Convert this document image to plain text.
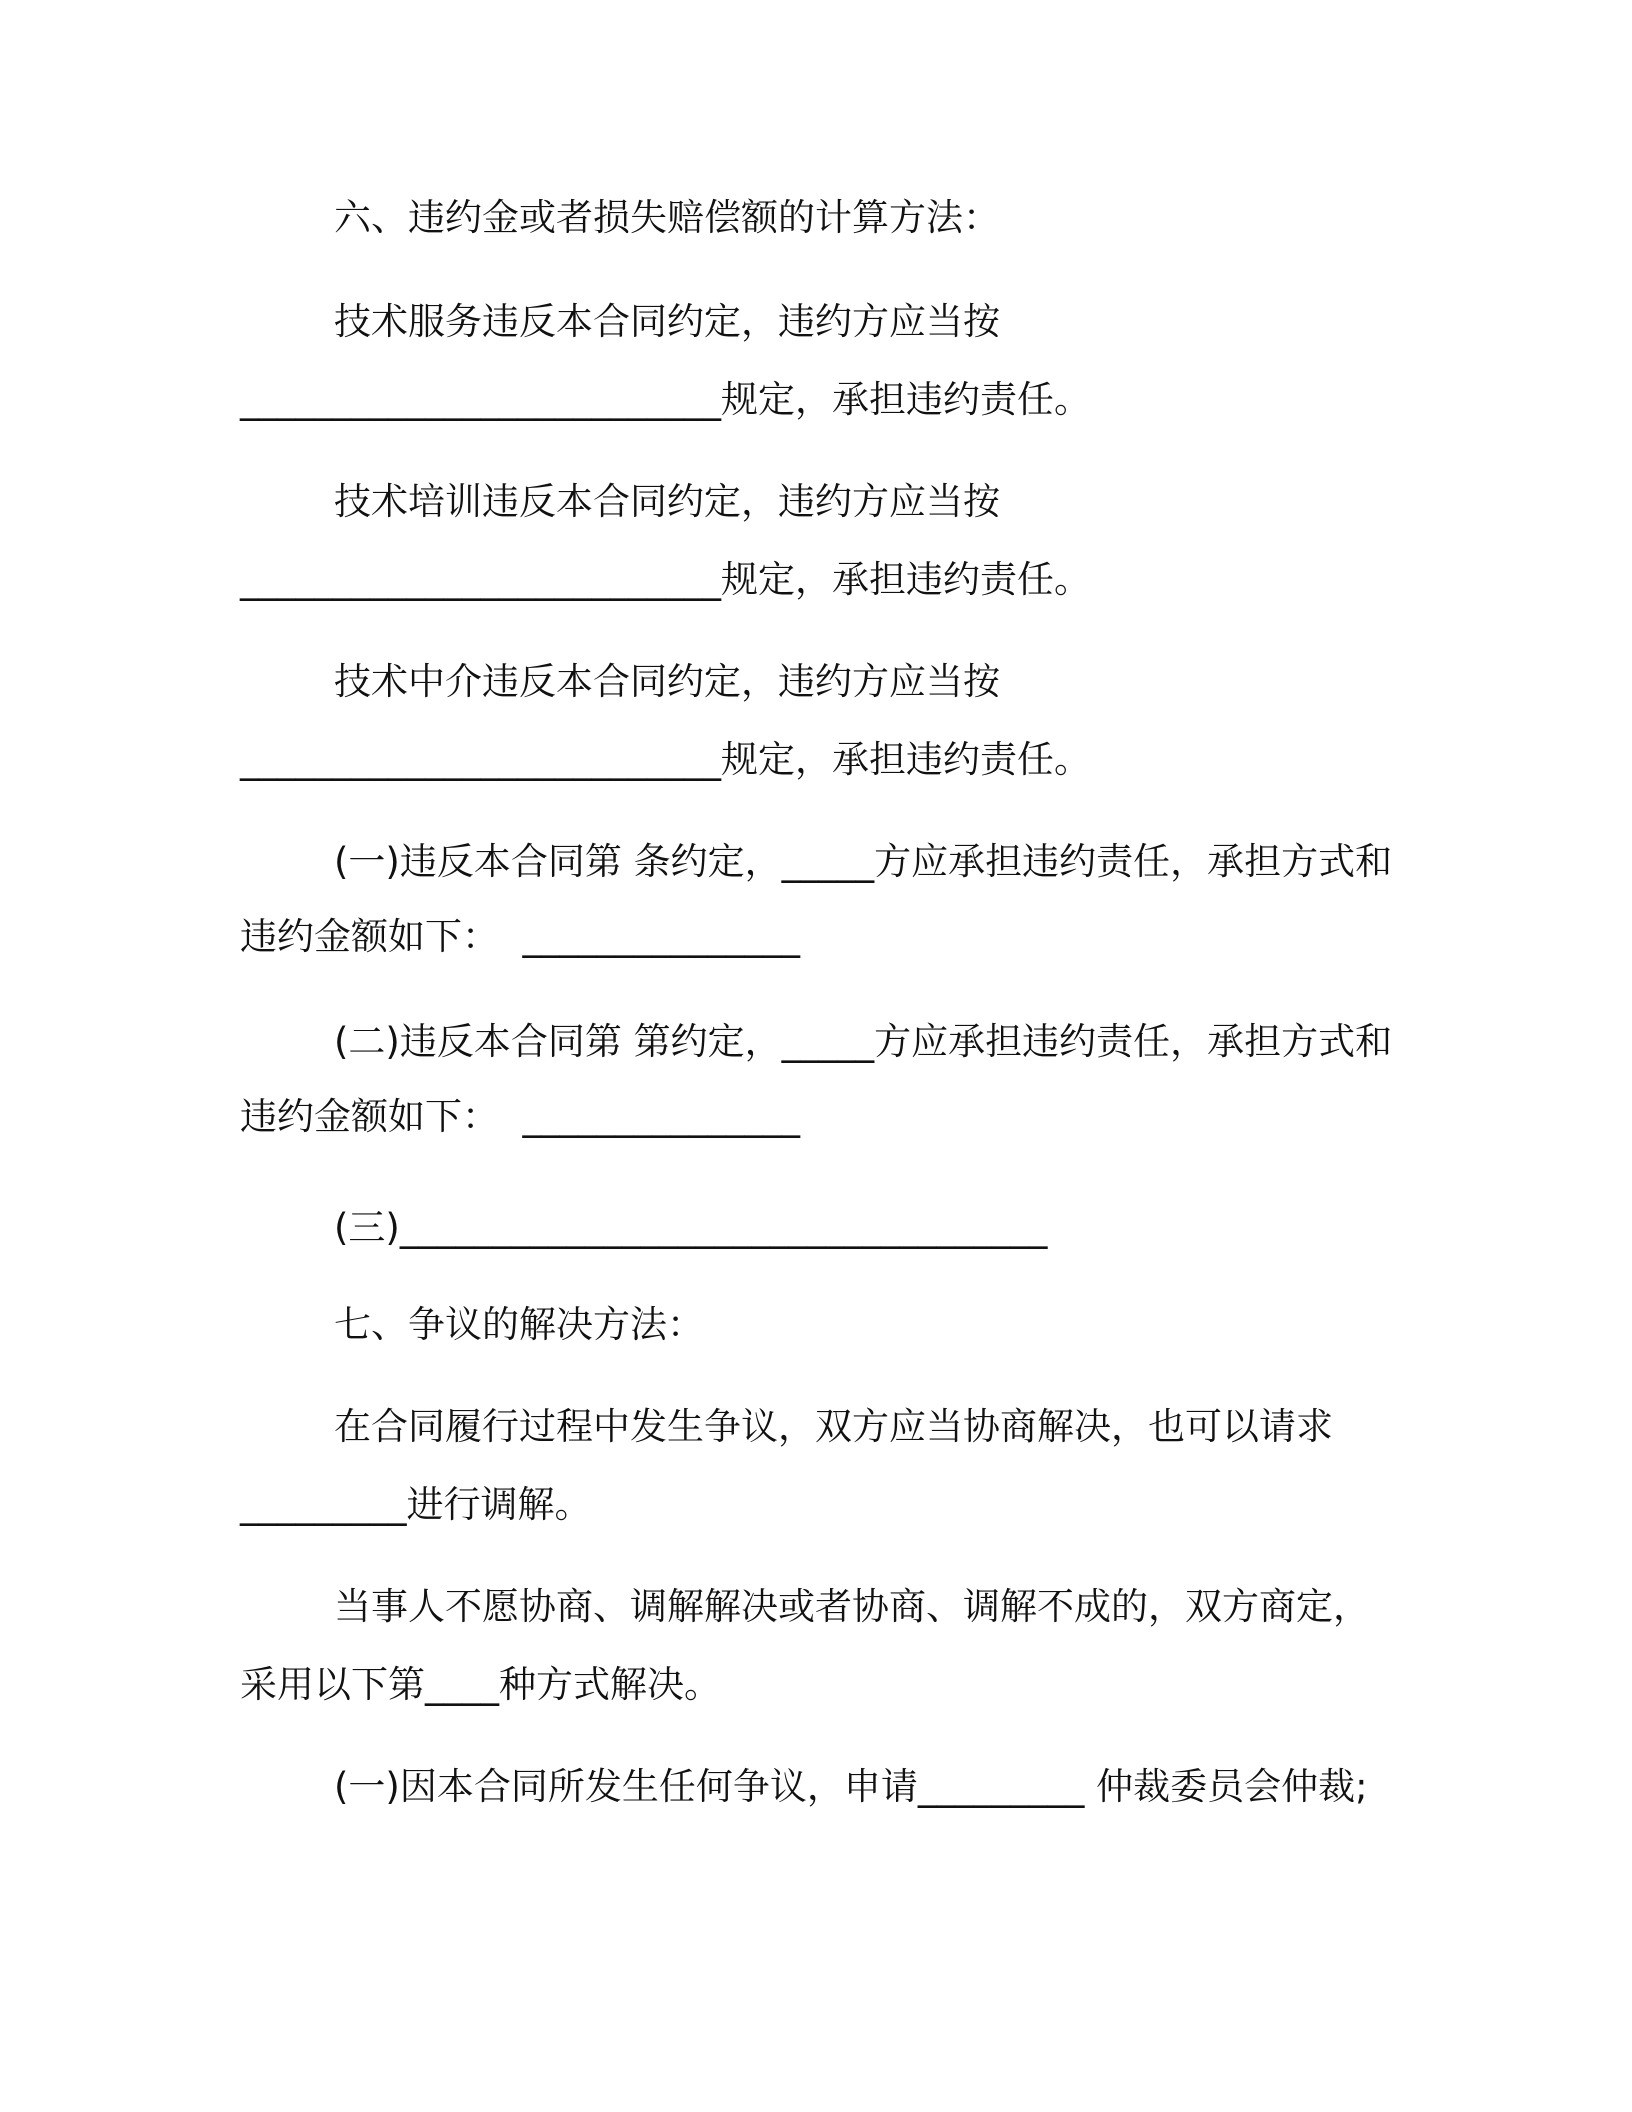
六、违约金或者损失赔偿额的计算方法：
技术服务违反本合同约定，违约方应当按
__________________________规定，承担违约责任。
技术培训违反本合同约定，违约方应当按
__________________________规定，承担违约责任。
技术中介违反本合同约定，违约方应当按
__________________________规定，承担违约责任。
(一)违反本合同第 条约定，_____方应承担违约责任，承担方式和
违约金额如下：  _______________
(二)违反本合同第 第约定，_____方应承担违约责任，承担方式和
违约金额如下：  _______________
(三)___________________________________
七、争议的解决方法：
在合同履行过程中发生争议，双方应当协商解决，也可以请求
_________进行调解。
当事人不愿协商、调解解决或者协商、调解不成的，双方商定，
采用以下第____种方式解决。
(一)因本合同所发生任何争议，申请_________ 仲裁委员会仲裁;
